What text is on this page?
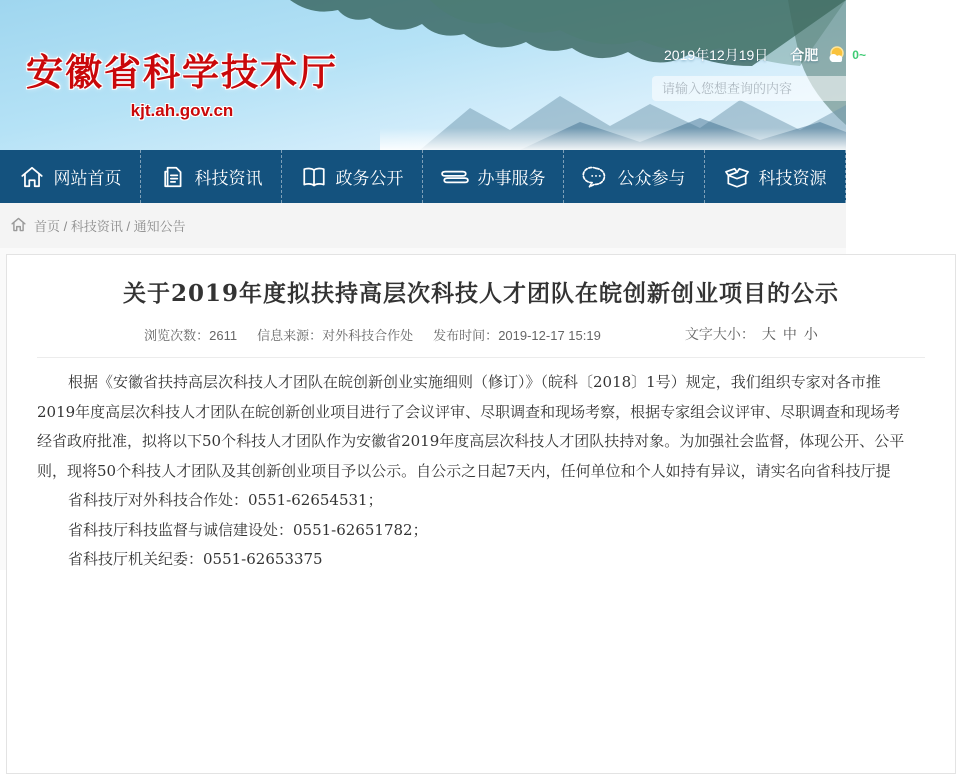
安徽省科学技术厅
kjt.ah.gov.cn
2019年12月19日 合肥	0~
请输入您想查询的内容
网站首页	科技资讯	政务公开	办事服务	公众参与	科技资源
首页 / 科技资讯 / 通知公告
关于2019年度拟扶持高层次科技人才团队在皖创新创业项目的公示
浏览次数：2611 信息来源：对外科技合作处 发布时间：2019-12-17 15:19	文字大小： 大 中 小
根据《安徽省扶持高层次科技人才团队在皖创新创业实施细则（修订）》（皖科〔2018〕1号）规定，我们组织专家对各市推
2019年度高层次科技人才团队在皖创新创业项目进行了会议评审、尽职调查和现场考察，根据专家组会议评审、尽职调查和现场考
经省政府批准，拟将以下50个科技人才团队作为安徽省2019年度高层次科技人才团队扶持对象。为加强社会监督，体现公开、公平
则，现将50个科技人才团队及其创新创业项目予以公示。自公示之日起7天内，任何单位和个人如持有异议，请实名向省科技厅提
省科技厅对外科技合作处：0551-62654531；
省科技厅科技监督与诚信建设处：0551-62651782；
省科技厅机关纪委：0551-62653375
